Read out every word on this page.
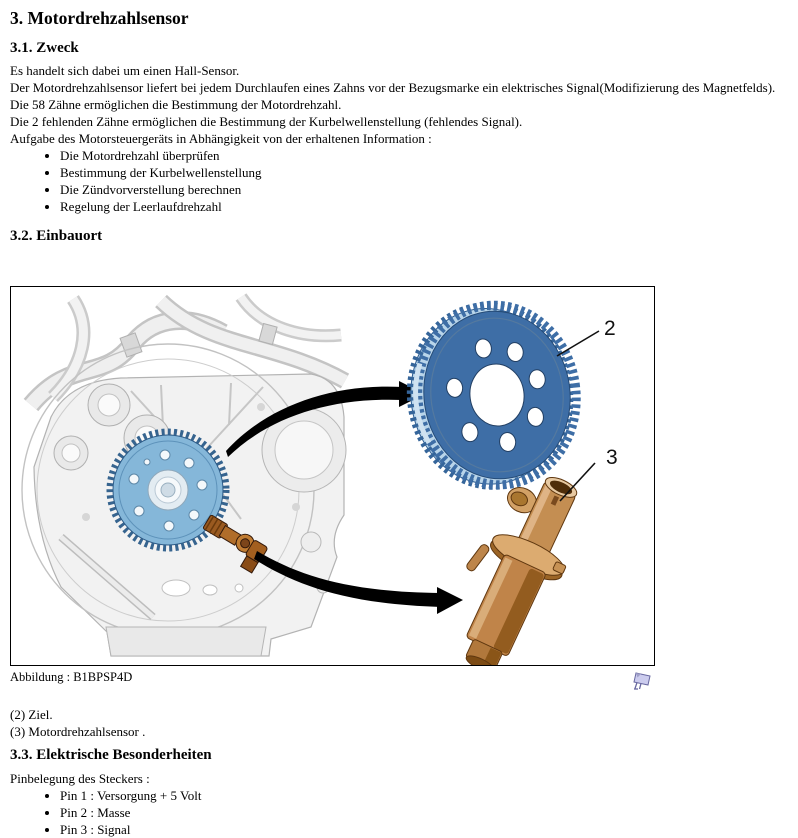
3. Motordrehzahlsensor
3.1. Zweck

Es handelt sich dabei um einen Hall-Sensor.

Der Motordrehzahlsensor liefert bei jedem Durchlaufen eines Zahns vor der Bezugsmarke ein elektrisches Signal(Modifizierung des Magnetfelds).

Die 58 Zähne ermöglichen die Bestimmung der Motordrehzahl.

Die 2 fehlenden Zähne ermöglichen die Bestimmung der Kurbelwellenstellung (fehlendes Signal).

Aufgabe des Motorsteuergeräts in Abhängigkeit von der erhaltenen Information :

• Die Motordrehzahl überprüfen
• Bestimmung der Kurbelwellenstellung
• Die Zündvorverstellung berechnen
• Regelung der Leerlaufdrehzahl
3.2. Einbauort
2
3
Abbildung : B1BPSP4D

(2) Ziel.

(3) Motordrehzahlsensor .

3.3. Elektrische Besonderheiten

Pinbelegung des Steckers :

• Pin 1 : Versorgung + 5 Volt
• Pin 2 : Masse
• Pin 3 : Signal
